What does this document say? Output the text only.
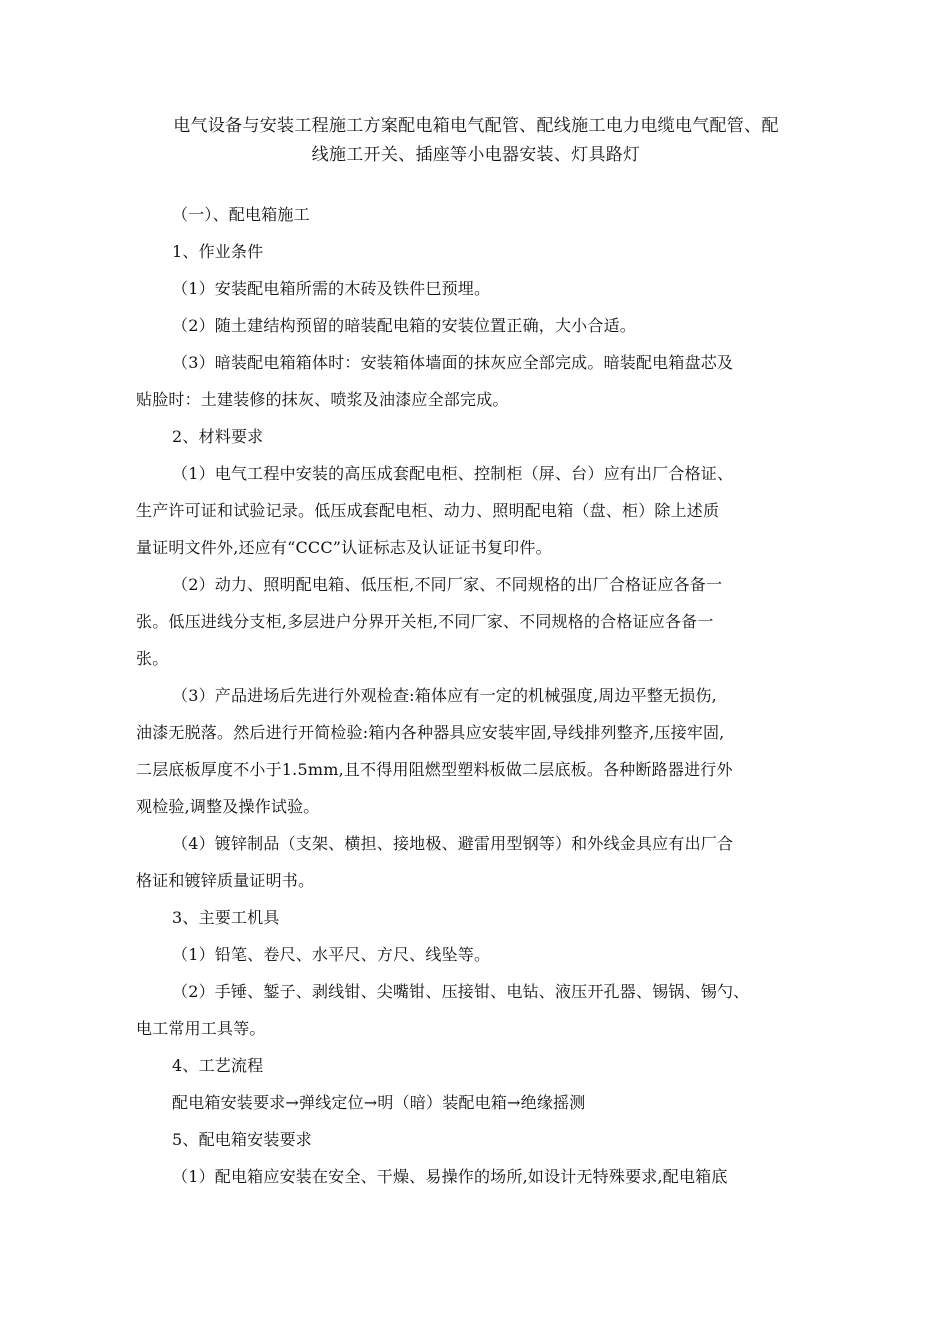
电气设备与安装工程施工方案配电箱电气配管、配线施工电力电缆电气配管、配
线施工开关、插座等小电器安装、灯具路灯
（一）、配电箱施工
1、作业条件
（1）安装配电箱所需的木砖及铁件巳预埋。
（2）随土建结构预留的暗装配电箱的安装位置正确，大小合适。
（3）暗装配电箱箱体时：安装箱体墙面的抹灰应全部完成。暗装配电箱盘芯及
贴脸时：土建装修的抹灰、喷浆及油漆应全部完成。
2、材料要求
（1）电气工程中安装的高压成套配电柜、控制柜（屏、台）应有出厂合格证、
生产许可证和试验记录。低压成套配电柜、动力、照明配电箱（盘、柜）除上述质
量证明文件外,还应有“CCC”认证标志及认证证书复印件。
（2）动力、照明配电箱、低压柜,不同厂家、不同规格的出厂合格证应各备一
张。低压进线分支柜,多层进户分界开关柜,不同厂家、不同规格的合格证应各备一
张。
（3）产品进场后先进行外观检查:箱体应有一定的机械强度,周边平整无损伤,
油漆无脱落。然后进行开简检验:箱内各种器具应安装牢固,导线排列整齐,压接牢固,
二层底板厚度不小于1.5mm,且不得用阻燃型塑料板做二层底板。各种断路器进行外
观检验,调整及操作试验。
（4）镀锌制品（支架、横担、接地极、避雷用型钢等）和外线金具应有出厂合
格证和镀锌质量证明书。
3、主要工机具
（1）铅笔、卷尺、水平尺、方尺、线坠等。
（2）手锤、錾子、剥线钳、尖嘴钳、压接钳、电钻、液压开孔器、锡锅、锡勺、
电工常用工具等。
4、工艺流程
配电箱安装要求→弹线定位→明（暗）装配电箱→绝缘摇测
5、配电箱安装要求
（1）配电箱应安装在安全、干燥、易操作的场所,如设计无特殊要求,配电箱底
